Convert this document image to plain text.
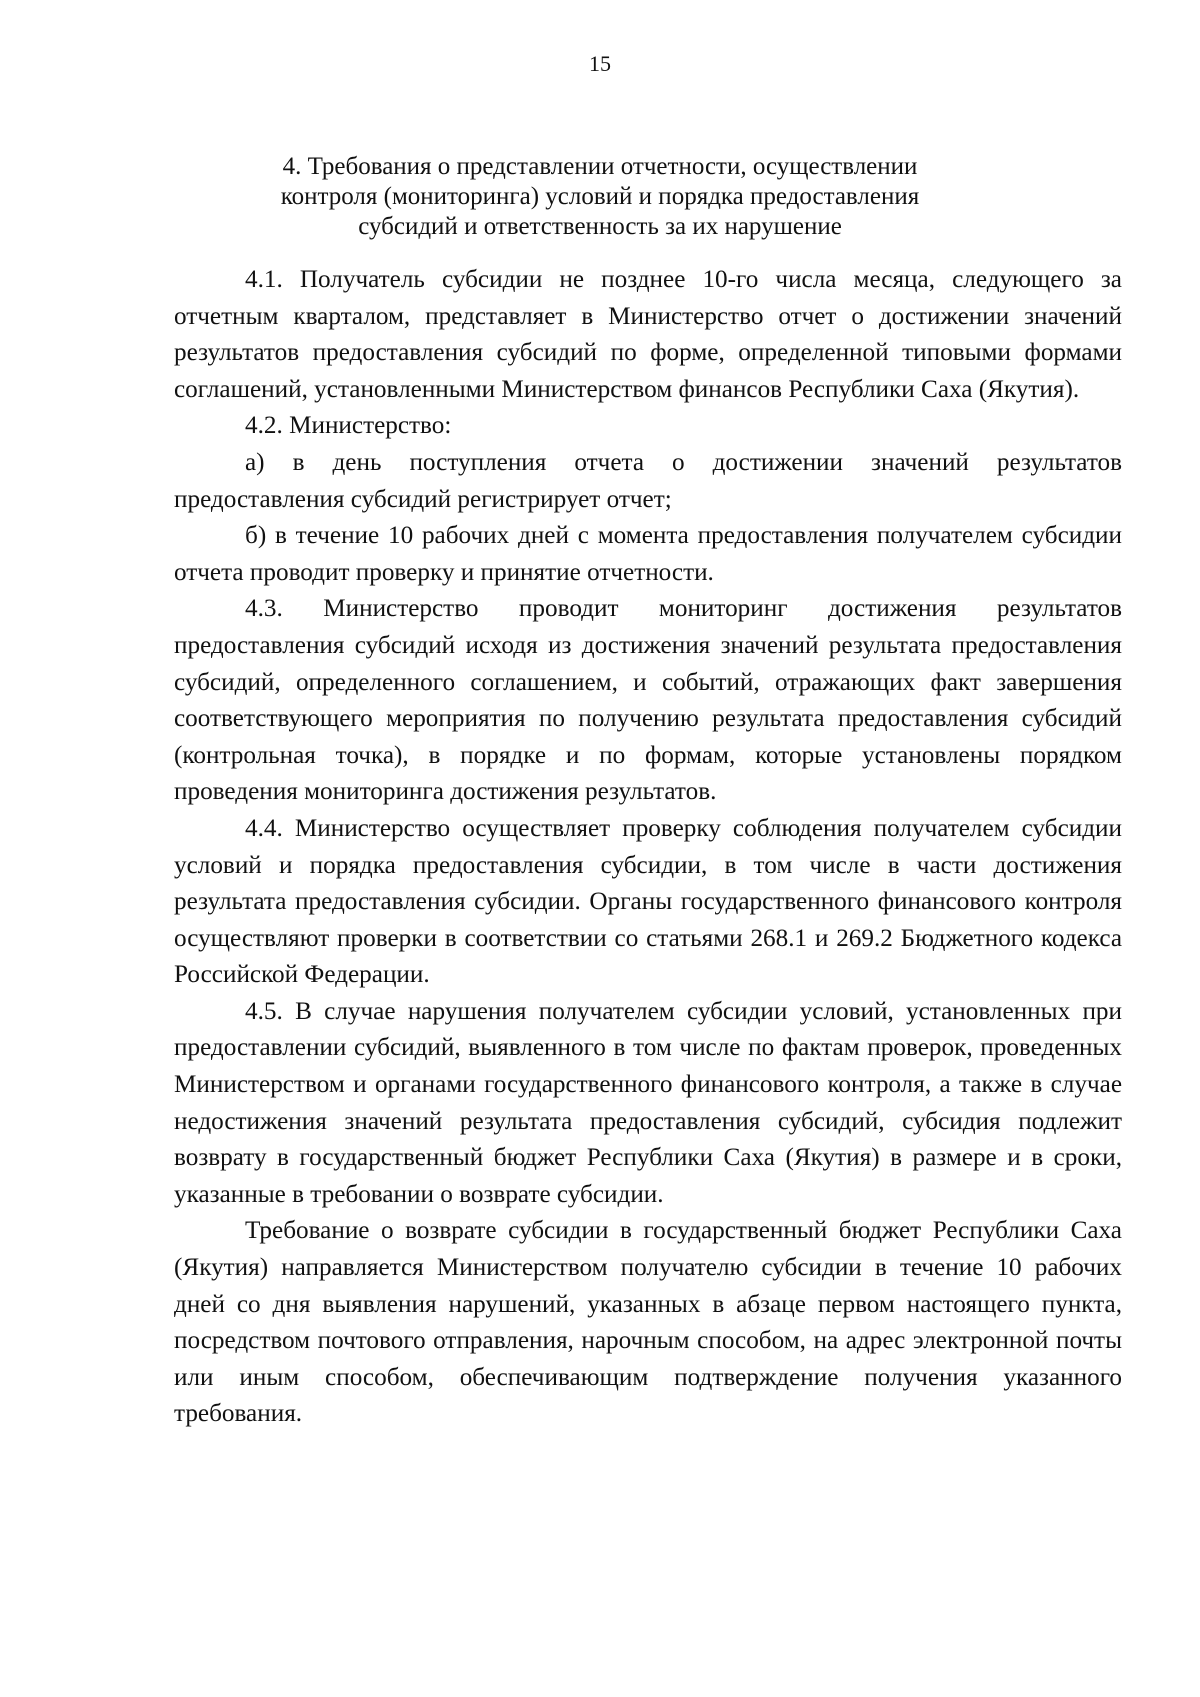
15
4. Требования о представлении отчетности, осуществлении
контроля (мониторинга) условий и порядка предоставления
субсидий и ответственность за их нарушение

4.1. Получатель субсидии не позднее 10-го числа месяца, следующего за отчетным кварталом, представляет в Министерство отчет о достижении значений результатов предоставления субсидий по форме, определенной типовыми формами соглашений, установленными Министерством финансов Республики Саха (Якутия).

4.2. Министерство:

а) в день поступления отчета о достижении значений результатов предоставления субсидий регистрирует отчет;

б) в течение 10 рабочих дней с момента предоставления получателем субсидии отчета проводит проверку и принятие отчетности.

4.3. Министерство проводит мониторинг достижения результатов предоставления субсидий исходя из достижения значений результата предоставления субсидий, определенного соглашением, и событий, отражающих факт завершения соответствующего мероприятия по получению результата предоставления субсидий (контрольная точка), в порядке и по формам, которые установлены порядком проведения мониторинга достижения результатов.

4.4. Министерство осуществляет проверку соблюдения получателем субсидии условий и порядка предоставления субсидии, в том числе в части достижения результата предоставления субсидии. Органы государственного финансового контроля осуществляют проверки в соответствии со статьями 268.1 и 269.2 Бюджетного кодекса Российской Федерации.

4.5. В случае нарушения получателем субсидии условий, установленных при предоставлении субсидий, выявленного в том числе по фактам проверок, проведенных Министерством и органами государственного финансового контроля, а также в случае недостижения значений результата предоставления субсидий, субсидия подлежит возврату в государственный бюджет Республики Саха (Якутия) в размере и в сроки, указанные в требовании о возврате субсидии.

Требование о возврате субсидии в государственный бюджет Республики Саха (Якутия) направляется Министерством получателю субсидии в течение 10 рабочих дней со дня выявления нарушений, указанных в абзаце первом настоящего пункта, посредством почтового отправления, нарочным способом, на адрес электронной почты или иным способом, обеспечивающим подтверждение получения указанного требования.
